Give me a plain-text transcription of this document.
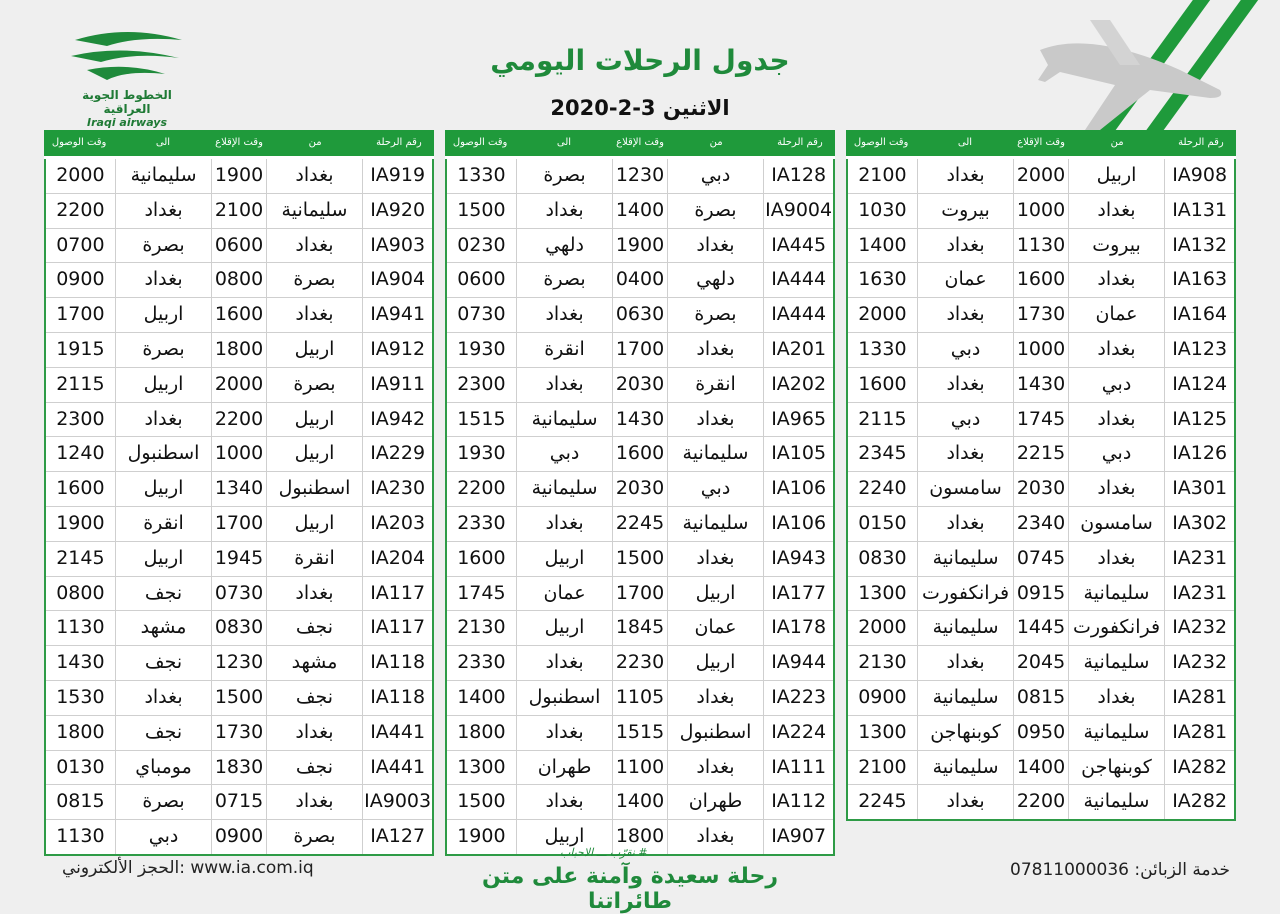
الخطوط الجوية العراقية
Iraqi airways
جدول الرحلات اليومي
الاثنين 3-2-2020
رقم الرحلة
من
وقت الإقلاع
الى
وقت الوصول
IA908
اربيل
2000
بغداد
2100
IA131
بغداد
1000
بيروت
1030
IA132
بيروت
1130
بغداد
1400
IA163
بغداد
1600
عمان
1630
IA164
عمان
1730
بغداد
2000
IA123
بغداد
1000
دبي
1330
IA124
دبي
1430
بغداد
1600
IA125
بغداد
1745
دبي
2115
IA126
دبي
2215
بغداد
2345
IA301
بغداد
2030
سامسون
2240
IA302
سامسون
2340
بغداد
0150
IA231
بغداد
0745
سليمانية
0830
IA231
سليمانية
0915
فرانكفورت
1300
IA232
فرانكفورت
1445
سليمانية
2000
IA232
سليمانية
2045
بغداد
2130
IA281
بغداد
0815
سليمانية
0900
IA281
سليمانية
0950
كوبنهاجن
1300
IA282
كوبنهاجن
1400
سليمانية
2100
IA282
سليمانية
2200
بغداد
2245
رقم الرحلة
من
وقت الإقلاع
الى
وقت الوصول
IA128
دبي
1230
بصرة
1330
IA9004
بصرة
1400
بغداد
1500
IA445
بغداد
1900
دلهي
0230
IA444
دلهي
0400
بصرة
0600
IA444
بصرة
0630
بغداد
0730
IA201
بغداد
1700
انقرة
1930
IA202
انقرة
2030
بغداد
2300
IA965
بغداد
1430
سليمانية
1515
IA105
سليمانية
1600
دبي
1930
IA106
دبي
2030
سليمانية
2200
IA106
سليمانية
2245
بغداد
2330
IA943
بغداد
1500
اربيل
1600
IA177
اربيل
1700
عمان
1745
IA178
عمان
1845
اربيل
2130
IA944
اربيل
2230
بغداد
2330
IA223
بغداد
1105
اسطنبول
1400
IA224
اسطنبول
1515
بغداد
1800
IA111
بغداد
1100
طهران
1300
IA112
طهران
1400
بغداد
1500
IA907
بغداد
1800
اربيل
1900
رقم الرحلة
من
وقت الإقلاع
الى
وقت الوصول
IA919
بغداد
1900
سليمانية
2000
IA920
سليمانية
2100
بغداد
2200
IA903
بغداد
0600
بصرة
0700
IA904
بصرة
0800
بغداد
0900
IA941
بغداد
1600
اربيل
1700
IA912
اربيل
1800
بصرة
1915
IA911
بصرة
2000
اربيل
2115
IA942
اربيل
2200
بغداد
2300
IA229
اربيل
1000
اسطنبول
1240
IA230
اسطنبول
1340
اربيل
1600
IA203
اربيل
1700
انقرة
1900
IA204
انقرة
1945
اربيل
2145
IA117
بغداد
0730
نجف
0800
IA117
نجف
0830
مشهد
1130
IA118
مشهد
1230
نجف
1430
IA118
نجف
1500
بغداد
1530
IA441
بغداد
1730
نجف
1800
IA441
نجف
1830
مومباي
0130
IA9003
بغداد
0715
بصرة
0815
IA127
بصرة
0900
دبي
1130
www.ia.com.iq :الحجز الألكتروني
# نقرّب ـــ الاحباب
رحلة سعيدة وآمنة على متن طائراتنا
خدمة الزبائن: 07811000036
